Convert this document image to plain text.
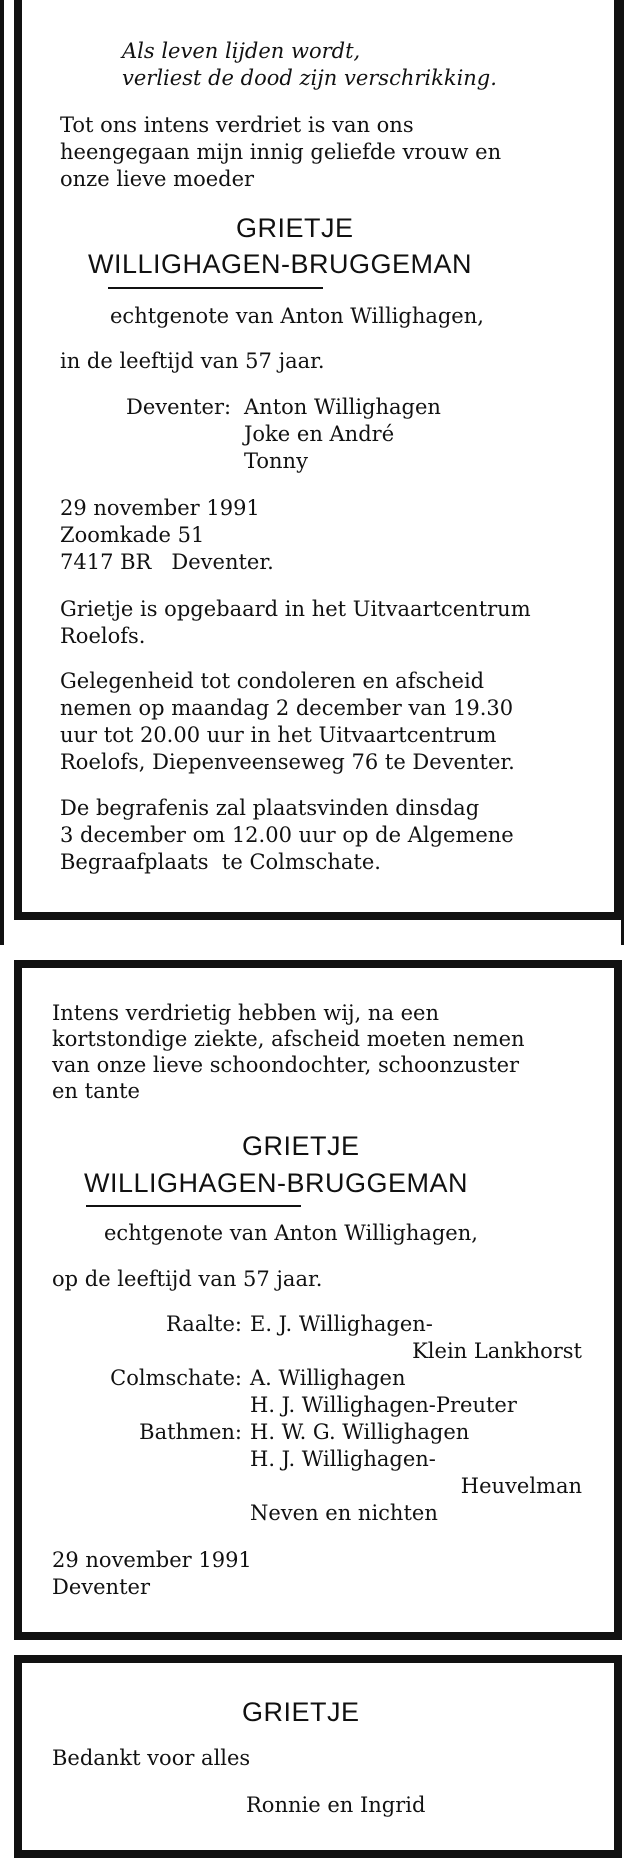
Als leven lijden wordt,
verliest de dood zijn verschrikking.
Tot ons intens verdriet is van ons
heengegaan mijn innig geliefde vrouw en
onze lieve moeder
GRIETJE
WILLIGHAGEN-BRUGGEMAN
echtgenote van Anton Willighagen,
in de leeftijd van 57 jaar.
Deventer: Anton Willighagen
Joke en André
Tonny
29 november 1991
Zoomkade 51
7417 BR   Deventer.
Grietje is opgebaard in het Uitvaartcentrum
Roelofs.
Gelegenheid tot condoleren en afscheid
nemen op maandag 2 december van 19.30
uur tot 20.00 uur in het Uitvaartcentrum
Roelofs, Diepenveenseweg 76 te Deventer.
De begrafenis zal plaatsvinden dinsdag
3 december om 12.00 uur op de Algemene
Begraafplaats  te Colmschate.
Intens verdrietig hebben wij, na een
kortstondige ziekte, afscheid moeten nemen
van onze lieve schoondochter, schoonzuster
en tante
GRIETJE
WILLIGHAGEN-BRUGGEMAN
echtgenote van Anton Willighagen,
op de leeftijd van 57 jaar.
Raalte: E. J. Willighagen-
Klein Lankhorst
Colmschate: A. Willighagen
H. J. Willighagen-Preuter
Bathmen: H. W. G. Willighagen
H. J. Willighagen-
Heuvelman
Neven en nichten
29 november 1991
Deventer
GRIETJE
Bedankt voor alles
Ronnie en Ingrid
